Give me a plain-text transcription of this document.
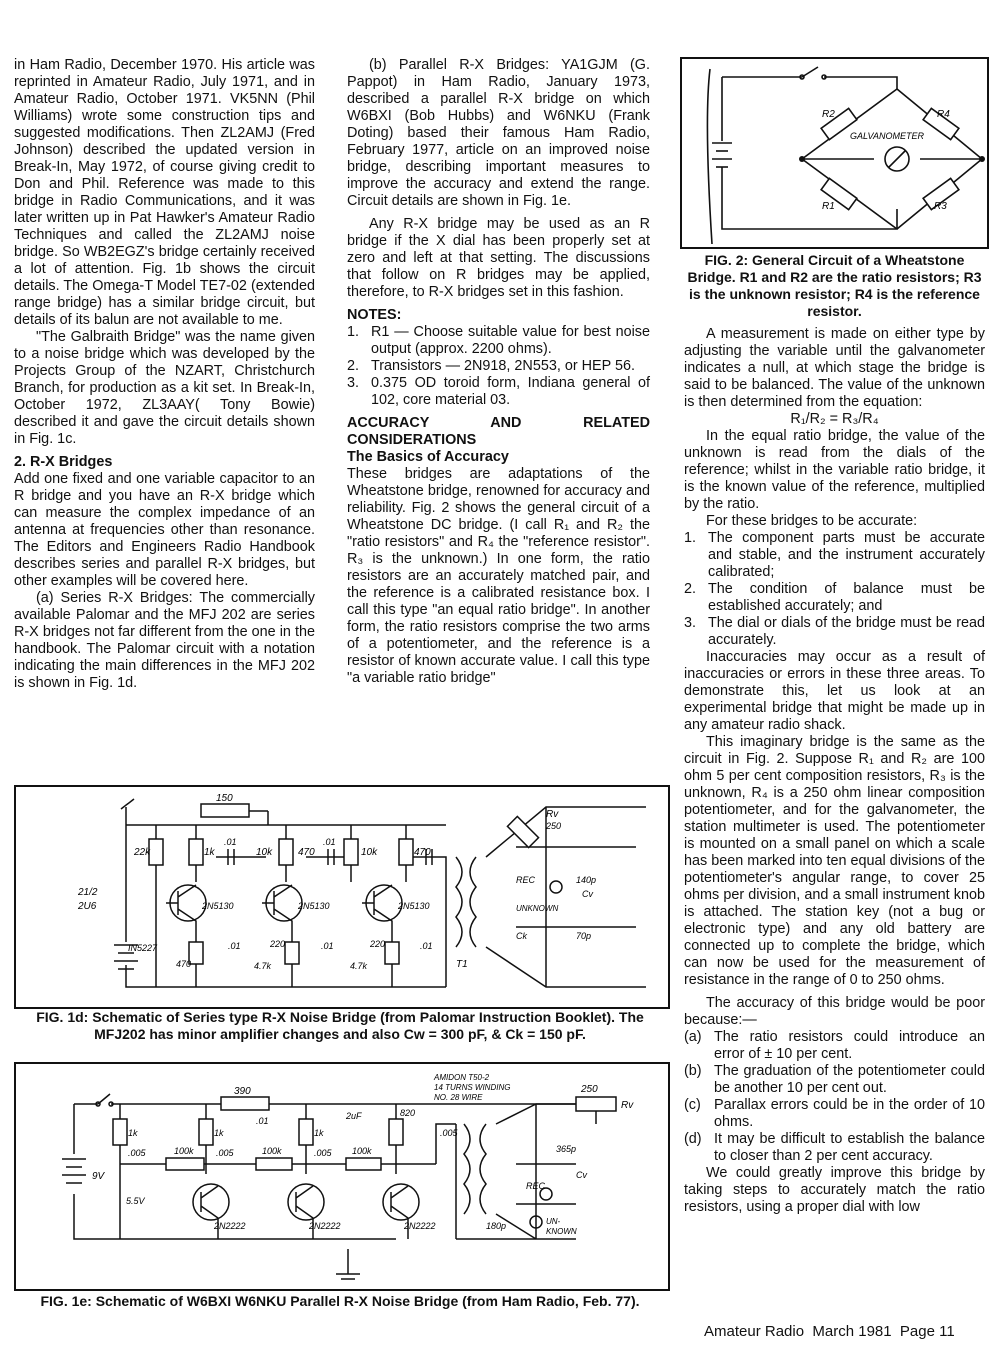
in Ham Radio, December 1970. His article was reprinted in Amateur Radio, July 1971, and in Amateur Radio, October 1971. VK5NN (Phil Williams) wrote some construction tips and suggested modifications. Then ZL2AMJ (Fred Johnson) described the updated version in Break-In, May 1972, of course giving credit to Don and Phil. Reference was made to this bridge in Radio Communications, and it was later written up in Pat Hawker's Amateur Radio Techniques and called the ZL2AMJ noise bridge. So WB2EGZ's bridge certainly received a lot of attention. Fig. 1b shows the circuit details. The Omega-T Model TE7-02 (extended range bridge) has a similar bridge circuit, but details of its balun are not available to me.

"The Galbraith Bridge" was the name given to a noise bridge which was developed by the Projects Group of the NZART, Christchurch Branch, for production as a kit set. In Break-In, October 1972, ZL3AAY( Tony Bowie) described it and gave the circuit details shown in Fig. 1c.

2. R-X Bridges

Add one fixed and one variable capacitor to an R bridge and you have an R-X bridge which can measure the complex impedance of an antenna at frequencies other than resonance. The Editors and Engineers Radio Handbook describes series and parallel R-X bridges, but other examples will be covered here.

(a) Series R-X Bridges: The commercially available Palomar and the MFJ 202 are series R-X bridges not far different from the one in the handbook. The Palomar circuit with a notation indicating the main differences in the MFJ 202 is shown in Fig. 1d.

(b) Parallel R-X Bridges: YA1GJM (G. Pappot) in Ham Radio, January 1973, described a parallel R-X bridge on which W6BXI (Bob Hubbs) and W6NKU (Frank Doting) based their famous Ham Radio, February 1977, article on an improved noise bridge, describing important measures to improve the accuracy and extend the range. Circuit details are shown in Fig. 1e.

Any R-X bridge may be used as an R bridge if the X dial has been properly set at zero and left at that setting. The discussions that follow on R bridges may be applied, therefore, to R-X bridges set in this fashion.

NOTES:

1. R1 — Choose suitable value for best noise output (approx. 2200 ohms).
2. Transistors — 2N918, 2N553, or HEP 56.
3. 0.375 OD toroid form, Indiana general of 102, core material 03.

ACCURACY AND RELATED CONSIDERATIONS

The Basics of Accuracy

These bridges are adaptations of the Wheatstone bridge, renowned for accuracy and reliability. Fig. 2 shows the general circuit of a Wheatstone DC bridge. (I call R₁ and R₂ the "ratio resistors" and R₄ the "reference resistor". R₃ is the unknown.) In one form, the ratio resistors are an accurately matched pair, and the reference is a calibrated resistance box. I call this type "an equal ratio bridge". In another form, the ratio resistors comprise the two arms of a potentiometer, and the reference is a resistor of known accurate value. I call this type "a variable ratio bridge"

R2	R4
R1	R3
GALVANOMETER

FIG. 2: General Circuit of a Wheatstone Bridge. R1 and R2 are the ratio resistors; R3 is the unknown resistor; R4 is the reference resistor.

A measurement is made on either type by adjusting the variable until the galvanometer indicates a null, at which stage the bridge is said to be balanced. The value of the unknown is then determined from the equation:

R₁/R₂ = R₃/R₄

In the equal ratio bridge, the value of the unknown is read from the dials of the reference; whilst in the variable ratio bridge, it is the known value of the reference, multiplied by the ratio.

For these bridges to be accurate:

1. The component parts must be accurate and stable, and the instrument accurately calibrated;
2. The condition of balance must be established accurately; and
3. The dial or dials of the bridge must be read accurately.

Inaccuracies may occur as a result of inaccuracies or errors in these three areas. To demonstrate this, let us look at an experimental bridge that might be made up in any amateur radio shack.

This imaginary bridge is the same as the circuit in Fig. 2. Suppose R₁ and R₂ are 100 ohm 5 per cent composition resistors, R₃ is the unknown, R₄ is a 250 ohm linear composition potentiometer, and for the galvanometer, the station multimeter is used. The potentiometer is mounted on a small panel on which a scale has been marked into ten equal divisions of the potentiometer's angular range, to cover 25 ohms per division, and a small instrument knob is attached. The station key (not a bug or electronic type) and any old battery are connected up to complete the bridge, which can now be used for the measurement of resistance in the range of 0 to 250 ohms.

The accuracy of this bridge would be poor because:—

(a) The ratio resistors could introduce an error of ± 10 per cent.
(b) The graduation of the potentiometer could be another 10 per cent out.
(c) Parallax errors could be in the order of 10 ohms.
(d) It may be difficult to establish the balance to closer than 2 per cent accuracy.

We could greatly improve this bridge by taking steps to accurately match the ratio resistors, using a proper dial with low

150
22k	1k
.01
10k	470
.01
10k	470
21/2
2U6	2N5130	2N5130	2N5130
IN5227
470
.01
4.7k
220	.01
4.7k
220	.01
T1
Rv
250
REC
UNKNOWN
140p
Cv
Ck	70p

FIG. 1d: Schematic of Series type R-X Noise Bridge (from Palomar Instruction Booklet). The MFJ202 has minor amplifier changes and also Cw = 300 pF, & Ck = 150 pF.

390
.01	2uF
AMIDON T50-2
14 TURNS WINDING
NO. 28 WIRE
250
Rv
9V
1k	1k	1k
820
.005	100k .005	100k	.005 100k
.005
365p
Cv
5.5V
2N2222	2N2222	2N2222
REC
UN-
KNOWN
180p

FIG. 1e: Schematic of W6BXI W6NKU Parallel R-X Noise Bridge (from Ham Radio, Feb. 77).

Amateur Radio  March 1981  Page 11
